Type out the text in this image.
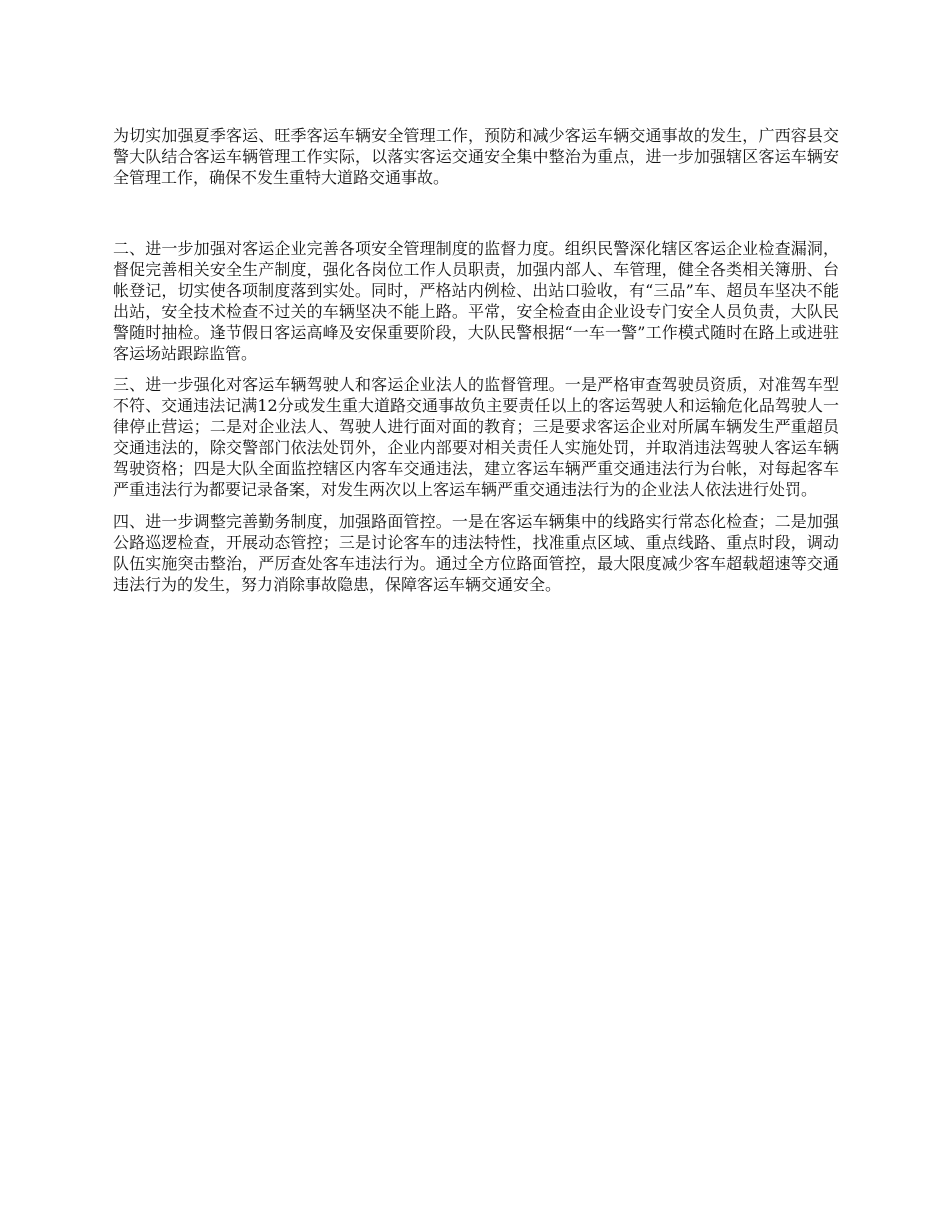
为切实加强夏季客运、旺季客运车辆安全管理工作，预防和减少客运车辆交通事故的发生，广西容县交警大队结合客运车辆管理工作实际，以落实客运交通安全集中整治为重点，进一步加强辖区客运车辆安全管理工作，确保不发生重特大道路交通事故。

二、进一步加强对客运企业完善各项安全管理制度的监督力度。组织民警深化辖区客运企业检查漏洞，督促完善相关安全生产制度，强化各岗位工作人员职责，加强内部人、车管理，健全各类相关簿册、台帐登记，切实使各项制度落到实处。同时，严格站内例检、出站口验收，有“三品”车、超员车坚决不能出站，安全技术检查不过关的车辆坚决不能上路。平常，安全检查由企业设专门安全人员负责，大队民警随时抽检。逢节假日客运高峰及安保重要阶段，大队民警根据“一车一警”工作模式随时在路上或进驻客运场站跟踪监管。

三、进一步强化对客运车辆驾驶人和客运企业法人的监督管理。一是严格审查驾驶员资质，对准驾车型不符、交通违法记满12分或发生重大道路交通事故负主要责任以上的客运驾驶人和运输危化品驾驶人一律停止营运；二是对企业法人、驾驶人进行面对面的教育；三是要求客运企业对所属车辆发生严重超员交通违法的，除交警部门依法处罚外，企业内部要对相关责任人实施处罚，并取消违法驾驶人客运车辆驾驶资格；四是大队全面监控辖区内客车交通违法，建立客运车辆严重交通违法行为台帐，对每起客车严重违法行为都要记录备案，对发生两次以上客运车辆严重交通违法行为的企业法人依法进行处罚。

四、进一步调整完善勤务制度，加强路面管控。一是在客运车辆集中的线路实行常态化检查；二是加强公路巡逻检查，开展动态管控；三是讨论客车的违法特性，找准重点区域、重点线路、重点时段，调动队伍实施突击整治，严厉查处客车违法行为。通过全方位路面管控，最大限度减少客车超载超速等交通违法行为的发生，努力消除事故隐患，保障客运车辆交通安全。
